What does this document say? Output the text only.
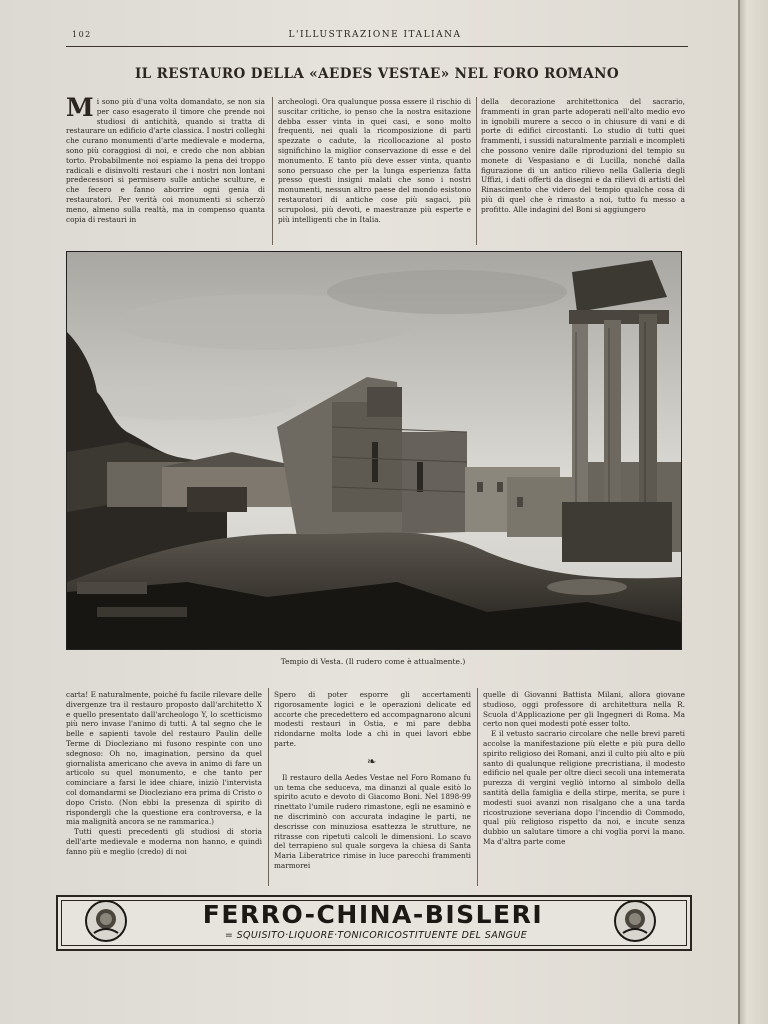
102	L'ILLUSTRAZIONE ITALIANA
IL RESTAURO DELLA «AEDES VESTAE» NEL FORO ROMANO

Mi sono più d'una volta domandato, se non sia per caso esagerato il timore che prende noi studiosi di antichità, quando si tratta di restaurare un edificio d'arte classica. I nostri colleghi che curano monumenti d'arte medievale e moderna, sono più coraggiosi di noi, e credo che non abbian torto. Probabilmente noi espiamo la pena dei troppo radicali e disinvolti restauri che i nostri non lontani predecessori si permisero sulle antiche sculture, e che fecero e fanno aborrire ogni genia di restauratori. Per verità coi monumenti si scherzò meno, almeno sulla realtà, ma in compenso quanta copia di restauri in

archeologi. Ora qualunque possa essere il rischio di suscitar critiche, io penso che la nostra esitazione debba esser vinta in quei casi, e sono molto frequenti, nei quali la ricomposizione di parti spezzate o cadute, la ricollocazione al posto significhino la miglior conservazione di esse e del monumento. E tanto più deve esser vinta, quanto sono persuaso che per la lunga esperienza fatta presso questi insigni malati che sono i nostri monumenti, nessun altro paese del mondo esistono restauratori di antiche cose più sagaci, più scrupolosi, più devoti, e maestranze più esperte e più intelligenti che in Italia.

della decorazione architettonica del sacrario, frammenti in gran parte adoperati nell'alto medio evo in ignobili murere a secco o in chiusure di vani e di porte di edifici circostanti. Lo studio di tutti quei frammenti, i sussidi naturalmente parziali e incompleti che possono venire dalle riproduzioni del tempio su monete di Vespasiano e di Lucilla, nonché dalla figurazione di un antico rilievo nella Galleria degli Uffizi, i dati offerti da disegni e da rilievi di artisti del Rinascimento che videro del tempio qualche cosa di più di quel che è rimasto a noi, tutto fu messo a profitto. Alle indagini del Boni si aggiungero

Tempio di Vesta. (Il rudero come è attualmente.)

carta! E naturalmente, poiché fu facile rilevare delle divergenze tra il restauro proposto dall'architetto X e quello presentato dall'archeologo Y, lo scetticismo più nero invase l'animo di tutti. A tal segno che le belle e sapienti tavole del restauro Paulin delle Terme di Diocleziano mi fusono respinte con uno sdegnoso: Oh no, imagination, persino da quel giornalista americano che aveva in animo di fare un articolo su quel monumento, e che tanto per cominciare a farsi le idee chiare, iniziò l'intervista col domandarmi se Diocleziano era prima di Cristo o dopo Cristo. (Non ebbi la presenza di spirito di rispondergli che la questione era controversa, e la mia malignità ancora se ne rammarica.)

Tutti questi precedenti gli studiosi di storia dell'arte medievale e moderna non hanno, e quindi fanno più e meglio (credo) di noi

Spero di poter esporre gli accertamenti rigorosamente logici e le operazioni delicate ed accorte che precedettero ed accompagnarono alcuni modesti restauri in Ostia, e mi pare debba ridondarne molta lode a chi in quei lavori ebbe parte.

Il restauro della Aedes Vestae nel Foro Romano fu un tema che seduceva, ma dinanzi al quale esitò lo spirito acuto e devoto di Giacomo Boni. Nel 1898-99 rinettato l'umile rudero rimastone, egli ne esaminò e ne discriminò con accurata indagine le parti, ne descrisse con minuziosa esattezza le strutture, ne ritrasse con ripetuti calcoli le dimensioni. Lo scavo del terrapieno sul quale sorgeva la chiesa di Santa Maria Liberatrice rimise in luce parecchi frammenti marmorei

❧

quelle di Giovanni Battista Milani, allora giovane studioso, oggi professore di architettura nella R. Scuola d'Applicazione per gli Ingegneri di Roma. Ma certo non quei modesti potè esser tolto.

E il vetusto sacrario circolare che nelle brevi pareti accolse la manifestazione più elette e più pura dello spirito religioso dei Romani, anzi il culto più alto e più santo di qualunque religione precristiana, il modesto edificio nel quale per oltre dieci secoli una intemerata purezza di vergini vegliò intorno al simbolo della santità della famiglia e della stirpe, merita, se pure i modesti suoi avanzi non risalgano che a una tarda ricostruzione severiana dopo l'incendio di Commodo, qual più religioso rispetto da noi, e incute senza dubbio un salutare timore a chi voglia porvi la mano. Ma d'altra parte come

FERRO-CHINA-BISLERI
= SQUISITO·LIQUORE·TONICORICOSTITUENTE DEL SANGUE
